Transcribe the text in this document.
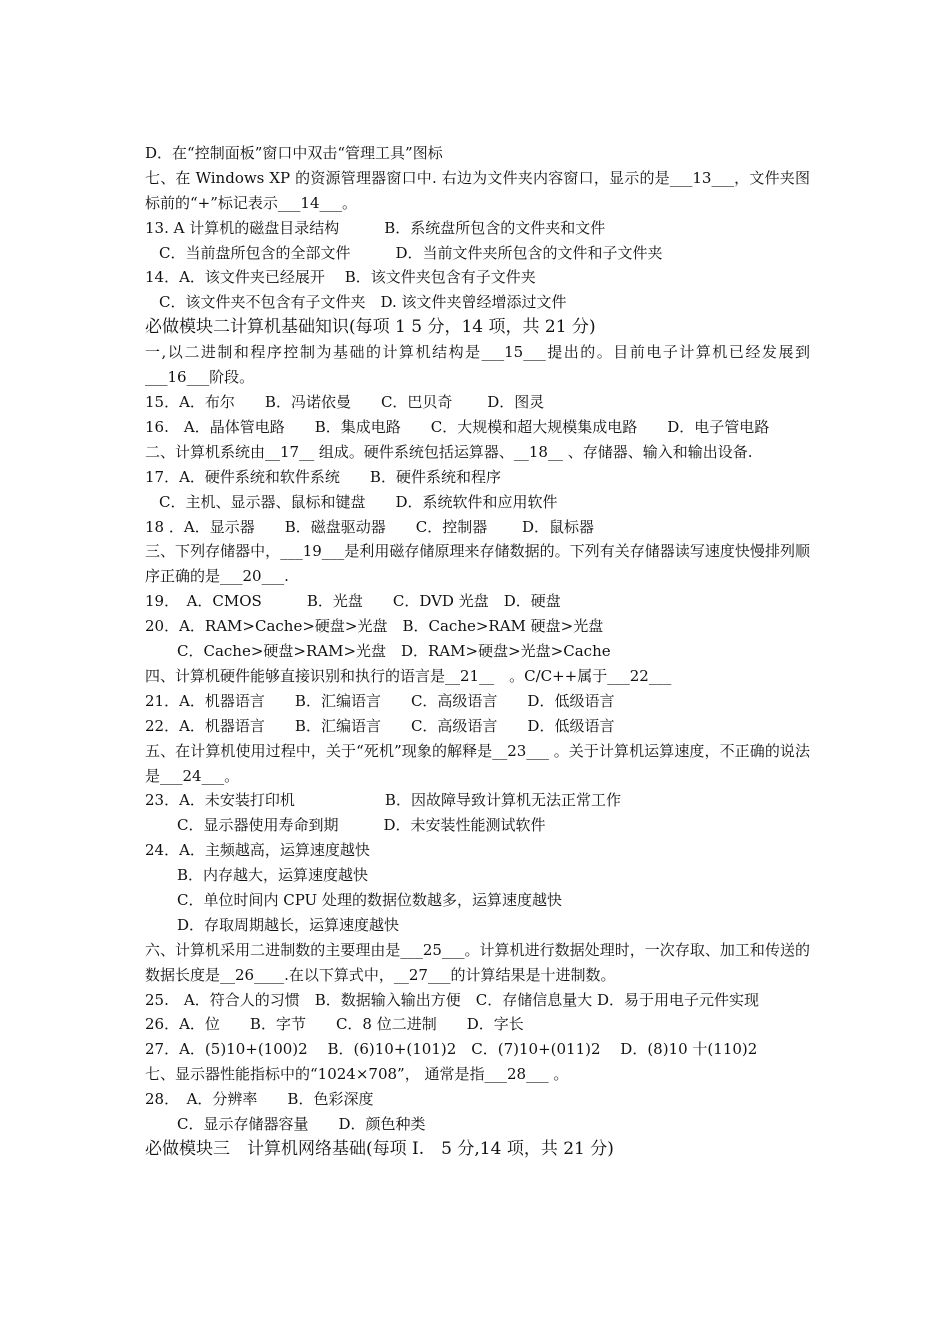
D．在“控制面板”窗口中双击“管理工具”图标
七、在 Windows XP 的资源管理器窗口中. 右边为文件夹内容窗口，显示的是___13___，文件夹图标前的“+”标记表示___14___。
13. A 计算机的磁盘目录结构　　　B．系统盘所包含的文件夹和文件
C．当前盘所包含的全部文件　　　D．当前文件夹所包含的文件和子文件夹
14．A．该文件夹已经展开　 B．该文件夹包含有子文件夹
C．该文件夹不包含有子文件夹　D. 该文件夹曾经增添过文件
必做模块二计算机基础知识(每项 1 5 分，14 项，共 21 分)
一,以二进制和程序控制为基础的计算机结构是___15___提出的。目前电子计算机已经发展到___16___阶段。
15．A．布尔　　B．冯诺依曼　　C．巴贝奇　　 D．图灵
16.　A．晶体管电路　　B．集成电路　　C．大规模和超大规模集成电路　　D．电子管电路
二、计算机系统由__17__ 组成。硬件系统包括运算器、__18__ 、存储器、输入和输出设备.
17．A．硬件系统和软件系统　　B．硬件系统和程序
C．主机、显示器、鼠标和键盘　　D．系统软件和应用软件
18 ．A．显示器　　B．磁盘驱动器　　C．控制器　　 D．鼠标器
三、下列存储器中，___19___是利用磁存储原理来存储数据的。下列有关存储器读写速度快慢排列顺序正确的是___20___.
19．　A．CMOS　　　B．光盘　　C．DVD 光盘　D．硬盘
20．A．RAM>Cache>硬盘>光盘　B．Cache>RAM 硬盘>光盘
C．Cache>硬盘>RAM>光盘　D．RAM>硬盘>光盘>Cache
四、计算机硬件能够直接识别和执行的语言是__21__　。C/C++属于___22___
21．A．机器语言　　B．汇编语言　　C．高级语言　　D．低级语言
22．A．机器语言　　B．汇编语言　　C．高级语言　　D．低级语言
五、在计算机使用过程中，关于“死机”现象的解释是__23___ 。关于计算机运算速度，不正确的说法是___24___。
23．A．未安装打印机　　　　　　B．因故障导致计算机无法正常工作
C．显示器使用寿命到期　　　D．未安装性能测试软件
24．A．主频越高，运算速度越快
B．内存越大，运算速度越快
C．单位时间内 CPU 处理的数据位数越多，运算速度越快
D．存取周期越长，运算速度越快
六、计算机采用二进制数的主要理由是___25___。计算机进行数据处理时，一次存取、加工和传送的数据长度是__26____.在以下算式中，__27___的计算结果是十进制数。
25.　A．符合人的习惯　B．数据输入输出方便　C．存储信息量大 D．易于用电子元件实现
26．A．位　　B．字节　　C．8 位二进制　　D．字长
27．A．(5)10+(100)2　 B．(6)10+(101)2　C．(7)10+(011)2　 D．(8)10 十(110)2
七、显示器性能指标中的“1024×708”， 通常是指___28___ 。
28．　A．分辨率　　B．色彩深度
C．显示存储器容量　　D．颜色种类
必做模块三　计算机网络基础(每项 I.　5 分,14 项，共 21 分)
